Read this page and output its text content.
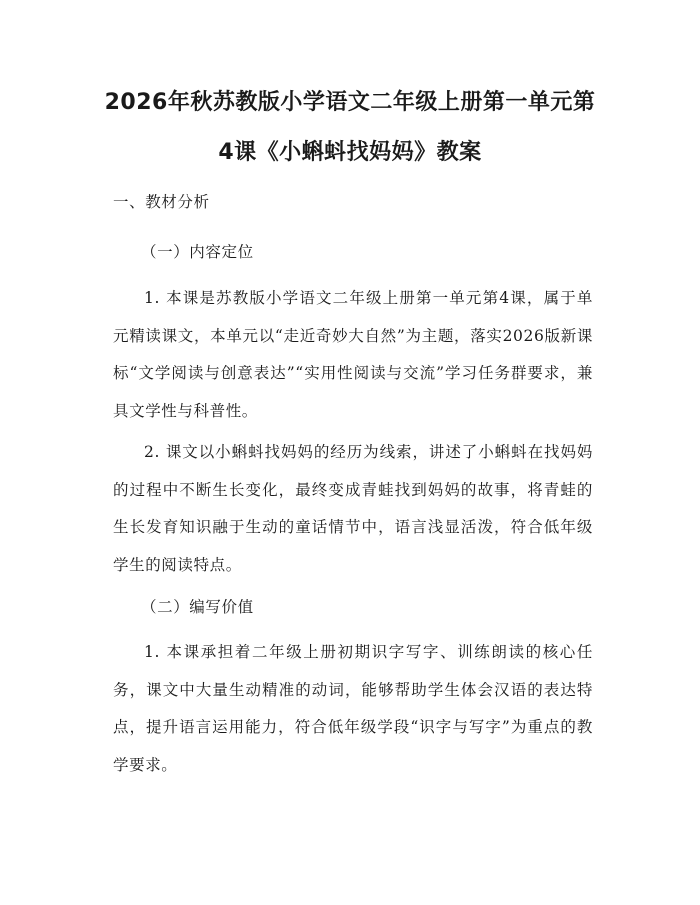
2026年秋苏教版小学语文二年级上册第一单元第4课《小蝌蚪找妈妈》教案

一、教材分析

（一）内容定位

1. 本课是苏教版小学语文二年级上册第一单元第4课，属于单元精读课文，本单元以“走近奇妙大自然”为主题，落实2026版新课标“文学阅读与创意表达”“实用性阅读与交流”学习任务群要求，兼具文学性与科普性。

2. 课文以小蝌蚪找妈妈的经历为线索，讲述了小蝌蚪在找妈妈的过程中不断生长变化，最终变成青蛙找到妈妈的故事，将青蛙的生长发育知识融于生动的童话情节中，语言浅显活泼，符合低年级学生的阅读特点。

（二）编写价值

1. 本课承担着二年级上册初期识字写字、训练朗读的核心任务，课文中大量生动精准的动词，能够帮助学生体会汉语的表达特点，提升语言运用能力，符合低年级学段“识字与写字”为重点的教学要求。
